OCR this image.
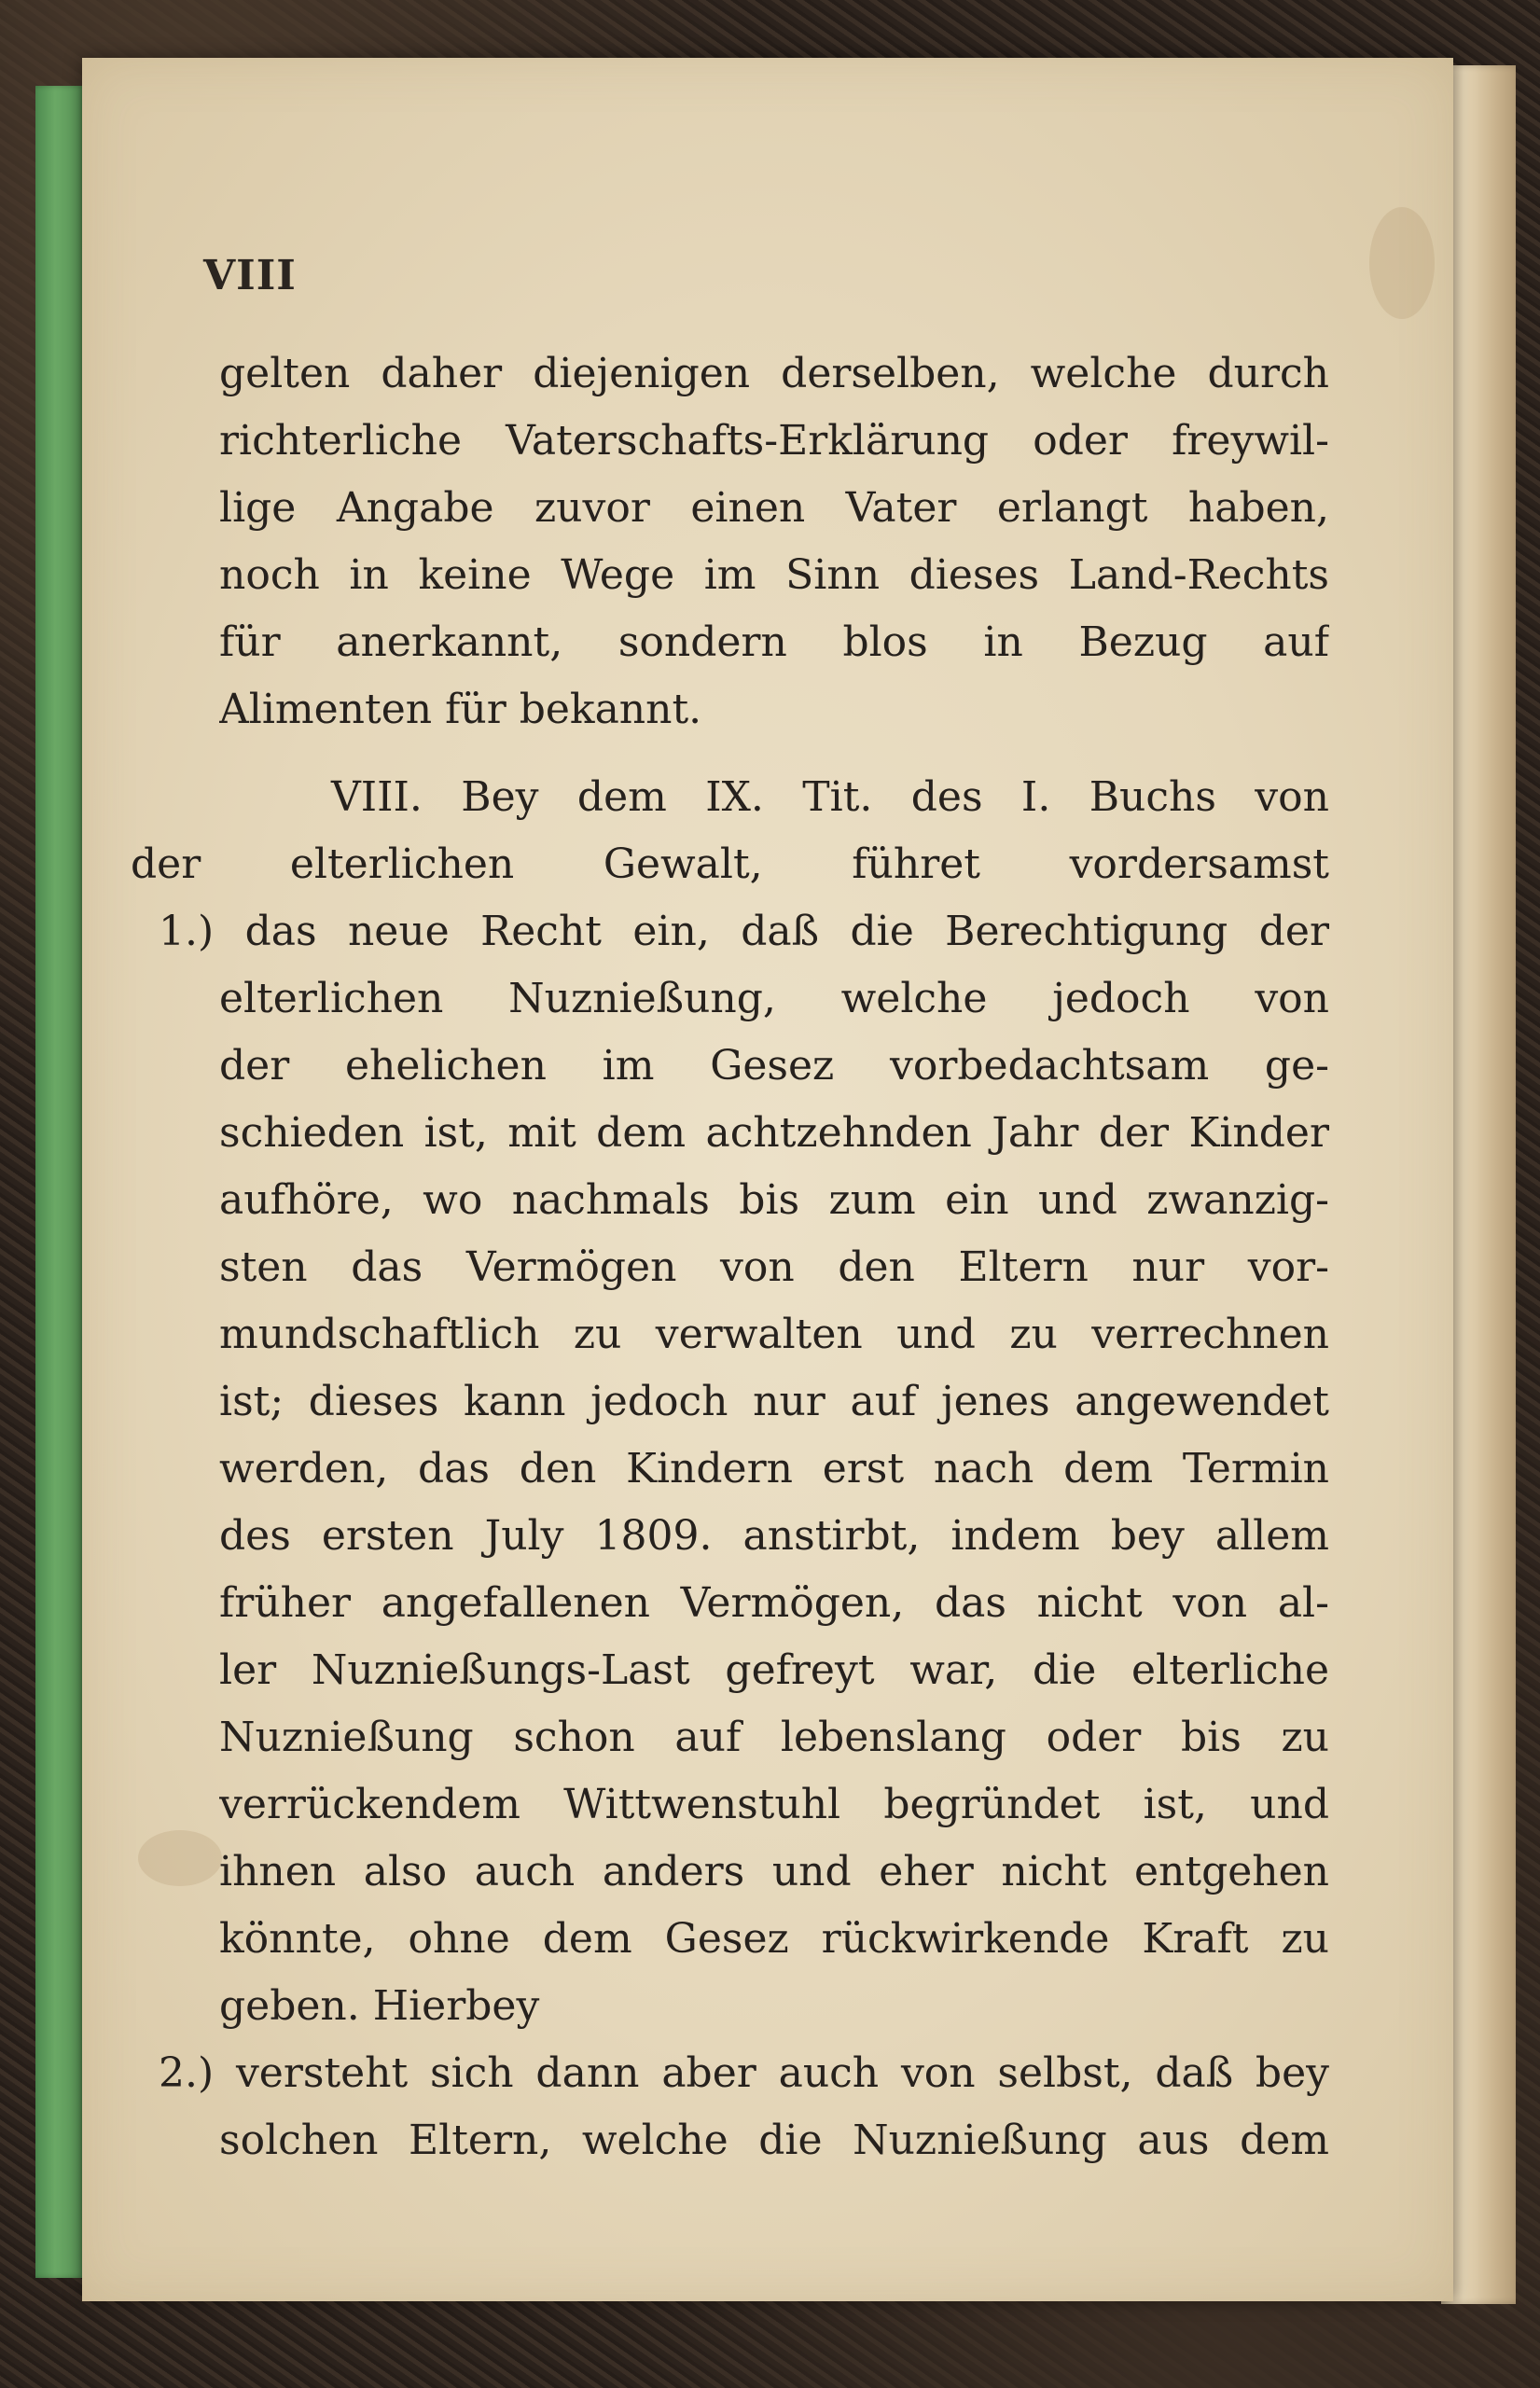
VIII
gelten daher diejenigen derselben, welche durch
richterliche Vaterschafts-Erklärung oder freywil-
lige Angabe zuvor einen Vater erlangt haben,
noch in keine Wege im Sinn dieses Land-Rechts
für anerkannt, sondern blos in Bezug auf
Alimenten für bekannt.
VIII. Bey dem IX. Tit. des I. Buchs von
der elterlichen Gewalt, führet vordersamst
1.) das neue Recht ein, daß die Berechtigung der
elterlichen Nuznießung, welche jedoch von
der ehelichen im Gesez vorbedachtsam ge-
schieden ist, mit dem achtzehnden Jahr der Kinder
aufhöre, wo nachmals bis zum ein und zwanzig-
sten das Vermögen von den Eltern nur vor-
mundschaftlich zu verwalten und zu verrechnen
ist; dieses kann jedoch nur auf jenes angewendet
werden, das den Kindern erst nach dem Termin
des ersten July 1809. anstirbt, indem bey allem
früher angefallenen Vermögen, das nicht von al-
ler Nuznießungs-Last gefreyt war, die elterliche
Nuznießung schon auf lebenslang oder bis zu
verrückendem Wittwenstuhl begründet ist, und
ihnen also auch anders und eher nicht entgehen
könnte, ohne dem Gesez rückwirkende Kraft zu
geben. Hierbey
2.) versteht sich dann aber auch von selbst, daß bey
solchen Eltern, welche die Nuznießung aus dem
